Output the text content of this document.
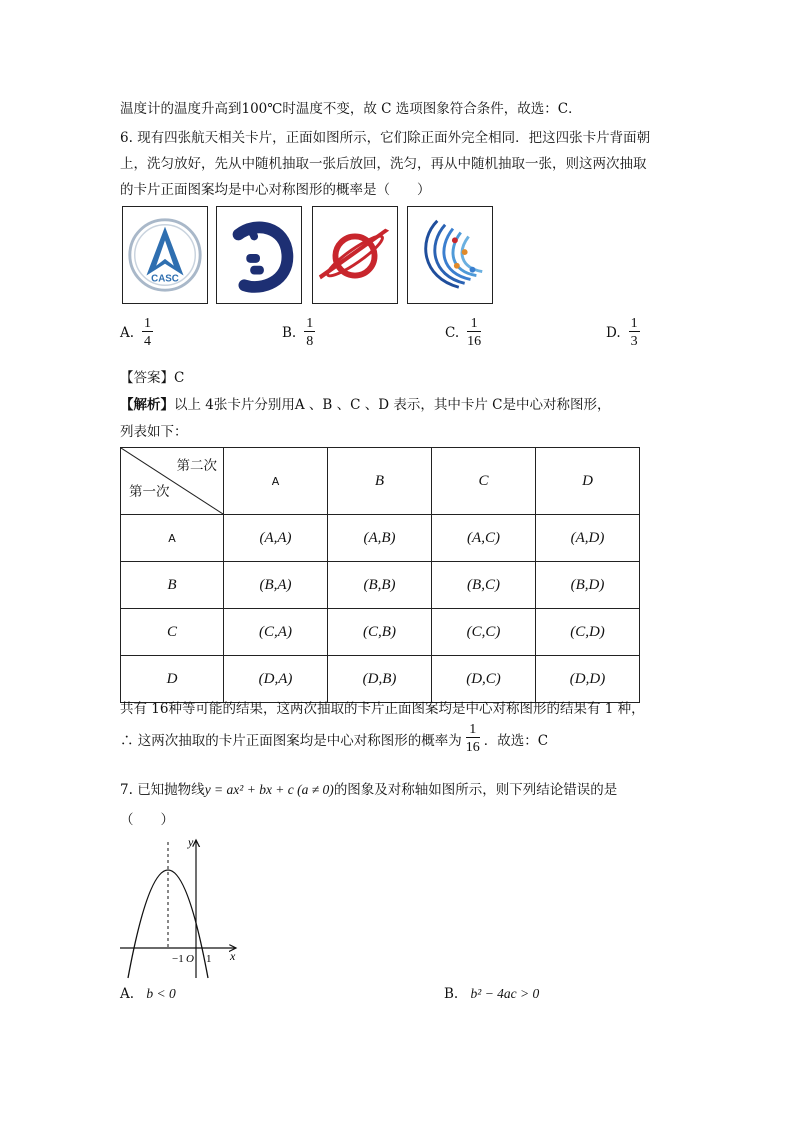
温度计的温度升高到100℃时温度不变，故 C 选项图象符合条件，故选：C．
6. 现有四张航天相关卡片，正面如图所示，它们除正面外完全相同．把这四张卡片背面朝
上，洗匀放好，先从中随机抽取一张后放回，洗匀，再从中随机抽取一张，则这两次抽取
的卡片正面图案均是中心对称图形的概率是（　　）
CASC
A. $\frac{1}{4}$	B. $\frac{1}{8}$	C. $\frac{1}{16}$	D. $\frac{1}{3}$
【答案】C
【解析】以上 4张卡片分别用A 、B 、C 、D 表示，其中卡片 C是中心对称图形，
列表如下：
第二次
第一次	A	B	C	D
A	(A,A)	(A,B)	(A,C)	(A,D)
B	(B,A)	(B,B)	(B,C)	(B,D)
C	(C,A)	(C,B)	(C,C)	(C,D)
D	(D,A)	(D,B)	(D,C)	(D,D)
共有 16种等可能的结果，这两次抽取的卡片正面图案均是中心对称图形的结果有 1 种，
∴ 这两次抽取的卡片正面图案均是中心对称图形的概率为 $\frac{1}{16}$ ．故选：C
7. 已知抛物线y = ax² + bx + c (a ≠ 0)的图象及对称轴如图所示，则下列结论错误的是
（　　）
y
x
−1 O 1
A. b < 0	B. b² − 4ac > 0
